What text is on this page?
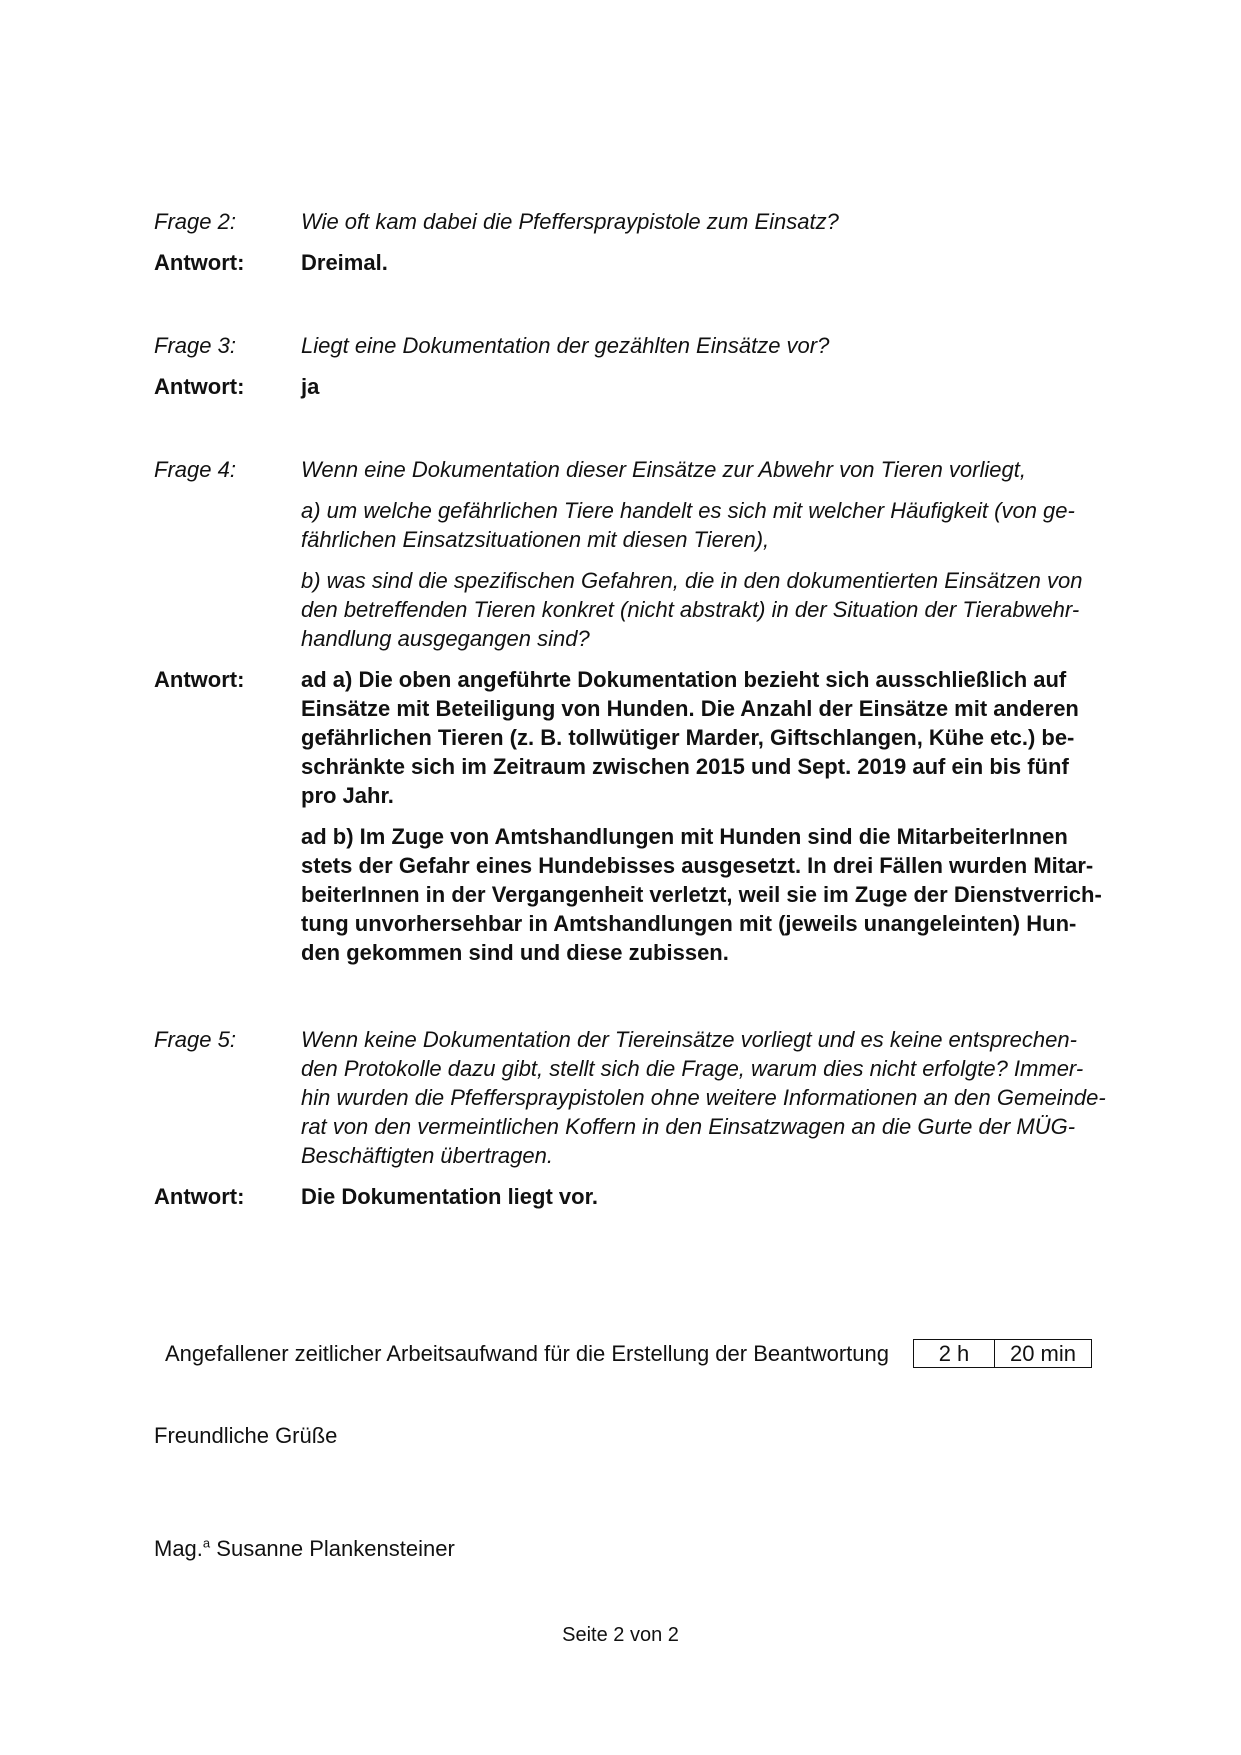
Frage 2:	Wie oft kam dabei die Pfefferspraypistole zum Einsatz?

Antwort:	Dreimal.

Frage 3:	Liegt eine Dokumentation der gezählten Einsätze vor?

Antwort:	ja

Frage 4:	Wenn eine Dokumentation dieser Einsätze zur Abwehr von Tieren vorliegt,

a) um welche gefährlichen Tiere handelt es sich mit welcher Häufigkeit (von ge-
fährlichen Einsatzsituationen mit diesen Tieren),

b) was sind die spezifischen Gefahren, die in den dokumentierten Einsätzen von
den betreffenden Tieren konkret (nicht abstrakt) in der Situation der Tierabwehr-
handlung ausgegangen sind?

Antwort:	ad a) Die oben angeführte Dokumentation bezieht sich ausschließlich auf
Einsätze mit Beteiligung von Hunden. Die Anzahl der Einsätze mit anderen
gefährlichen Tieren (z. B. tollwütiger Marder, Giftschlangen, Kühe etc.) be-
schränkte sich im Zeitraum zwischen 2015 und Sept. 2019 auf ein bis fünf
pro Jahr.

ad b) Im Zuge von Amtshandlungen mit Hunden sind die MitarbeiterInnen
stets der Gefahr eines Hundebisses ausgesetzt. In drei Fällen wurden Mitar-
beiterInnen in der Vergangenheit verletzt, weil sie im Zuge der Dienstverrich-
tung unvorhersehbar in Amtshandlungen mit (jeweils unangeleinten) Hun-
den gekommen sind und diese zubissen.

Frage 5:	Wenn keine Dokumentation der Tiereinsätze vorliegt und es keine entsprechen-
den Protokolle dazu gibt, stellt sich die Frage, warum dies nicht erfolgte? Immer-
hin wurden die Pfefferspraypistolen ohne weitere Informationen an den Gemeinde-
rat von den vermeintlichen Koffern in den Einsatzwagen an die Gurte der MÜG-
Beschäftigten übertragen.

Antwort:	Die Dokumentation liegt vor.

Angefallener zeitlicher Arbeitsaufwand für die Erstellung der Beantwortung	2 h	20 min
Freundliche Grüße
Mag.$^a$ Susanne Plankensteiner
Seite 2 von 2
